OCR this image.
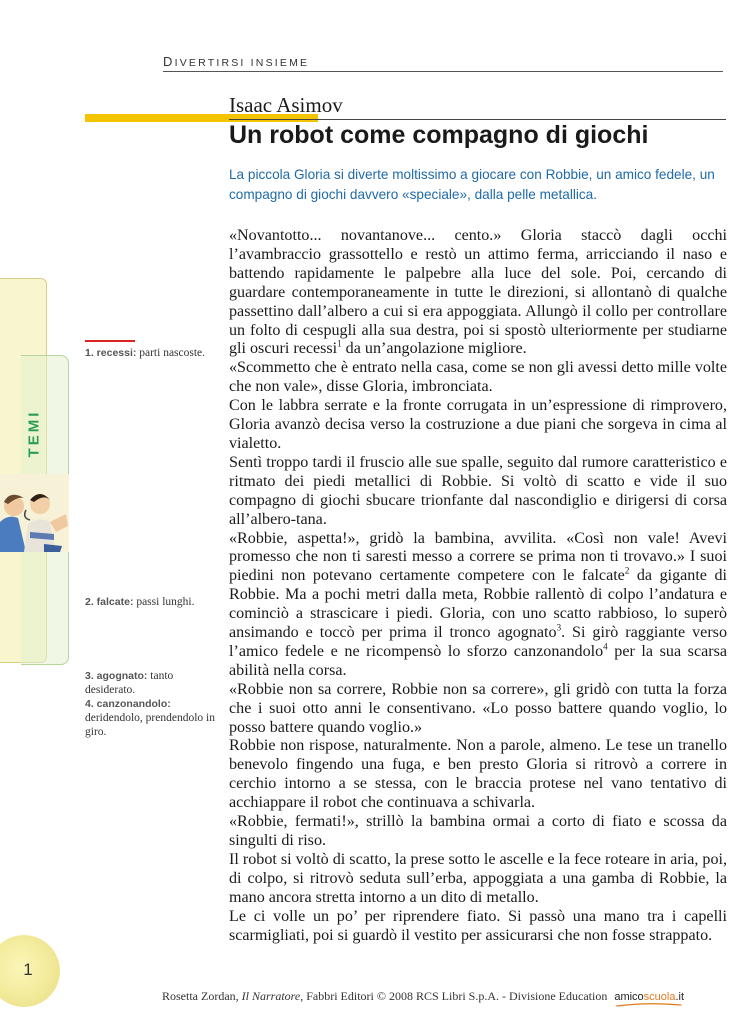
DIVERTIRSI INSIEME
Isaac Asimov
Un robot come compagno di giochi

La piccola Gloria si diverte moltissimo a giocare con Robbie, un amico fedele, un compagno di giochi davvero «speciale», dalla pelle metallica.

«Novantotto... novantanove... cento.» Gloria staccò dagli occhi l’avambraccio grassottello e restò un attimo ferma, arricciando il naso e battendo rapidamente le palpebre alla luce del sole. Poi, cercando di guardare contemporaneamente in tutte le direzioni, si allontanò di qualche passettino dall’albero a cui si era appoggiata. Allungò il collo per controllare un folto di cespugli alla sua destra, poi si spostò ulteriormente per studiarne gli oscuri recessi$^1$ da un’angolazione migliore.

«Scommetto che è entrato nella casa, come se non gli avessi detto mille volte che non vale», disse Gloria, imbronciata.

Con le labbra serrate e la fronte corrugata in un’espressione di rimprovero, Gloria avanzò decisa verso la costruzione a due piani che sorgeva in cima al vialetto.

Sentì troppo tardi il fruscio alle sue spalle, seguito dal rumore caratteristico e ritmato dei piedi metallici di Robbie. Si voltò di scatto e vide il suo compagno di giochi sbucare trionfante dal nascondiglio e dirigersi di corsa all’albero-tana.

«Robbie, aspetta!», gridò la bambina, avvilita. «Così non vale! Avevi promesso che non ti saresti messo a correre se prima non ti trovavo.» I suoi piedini non potevano certamente competere con le falcate$^2$ da gigante di Robbie. Ma a pochi metri dalla meta, Robbie rallentò di colpo l’andatura e cominciò a strascicare i piedi. Gloria, con uno scatto rabbioso, lo superò ansimando e toccò per prima il tronco agognato$^3$. Si girò raggiante verso l’amico fedele e ne ricompensò lo sforzo canzonandolo$^4$ per la sua scarsa abilità nella corsa.

«Robbie non sa correre, Robbie non sa correre», gli gridò con tutta la forza che i suoi otto anni le consentivano. «Lo posso battere quando voglio, lo posso battere quando voglio.»

Robbie non rispose, naturalmente. Non a parole, almeno. Le tese un tranello benevolo fingendo una fuga, e ben presto Gloria si ritrovò a correre in cerchio intorno a se stessa, con le braccia protese nel vano tentativo di acchiappare il robot che continuava a schivarla.

«Robbie, fermati!», strillò la bambina ormai a corto di fiato e scossa da singulti di riso.

Il robot si voltò di scatto, la prese sotto le ascelle e la fece roteare in aria, poi, di colpo, si ritrovò seduta sull’erba, appoggiata a una gamba di Robbie, la mano ancora stretta intorno a un dito di metallo.

Le ci volle un po’ per riprendere fiato. Si passò una mano tra i capelli scarmigliati, poi si guardò il vestito per assicurarsi che non fosse strappato.

1. recessi: parti nascoste.
2. falcate: passi lunghi.
3. agognato: tanto desiderato.
4. canzonandolo: deridendolo, prendendolo in giro.
TEMI
1
Rosetta Zordan, Il Narratore, Fabbri Editori © 2008 RCS Libri S.p.A. - Divisione Education amicoscuola.it
